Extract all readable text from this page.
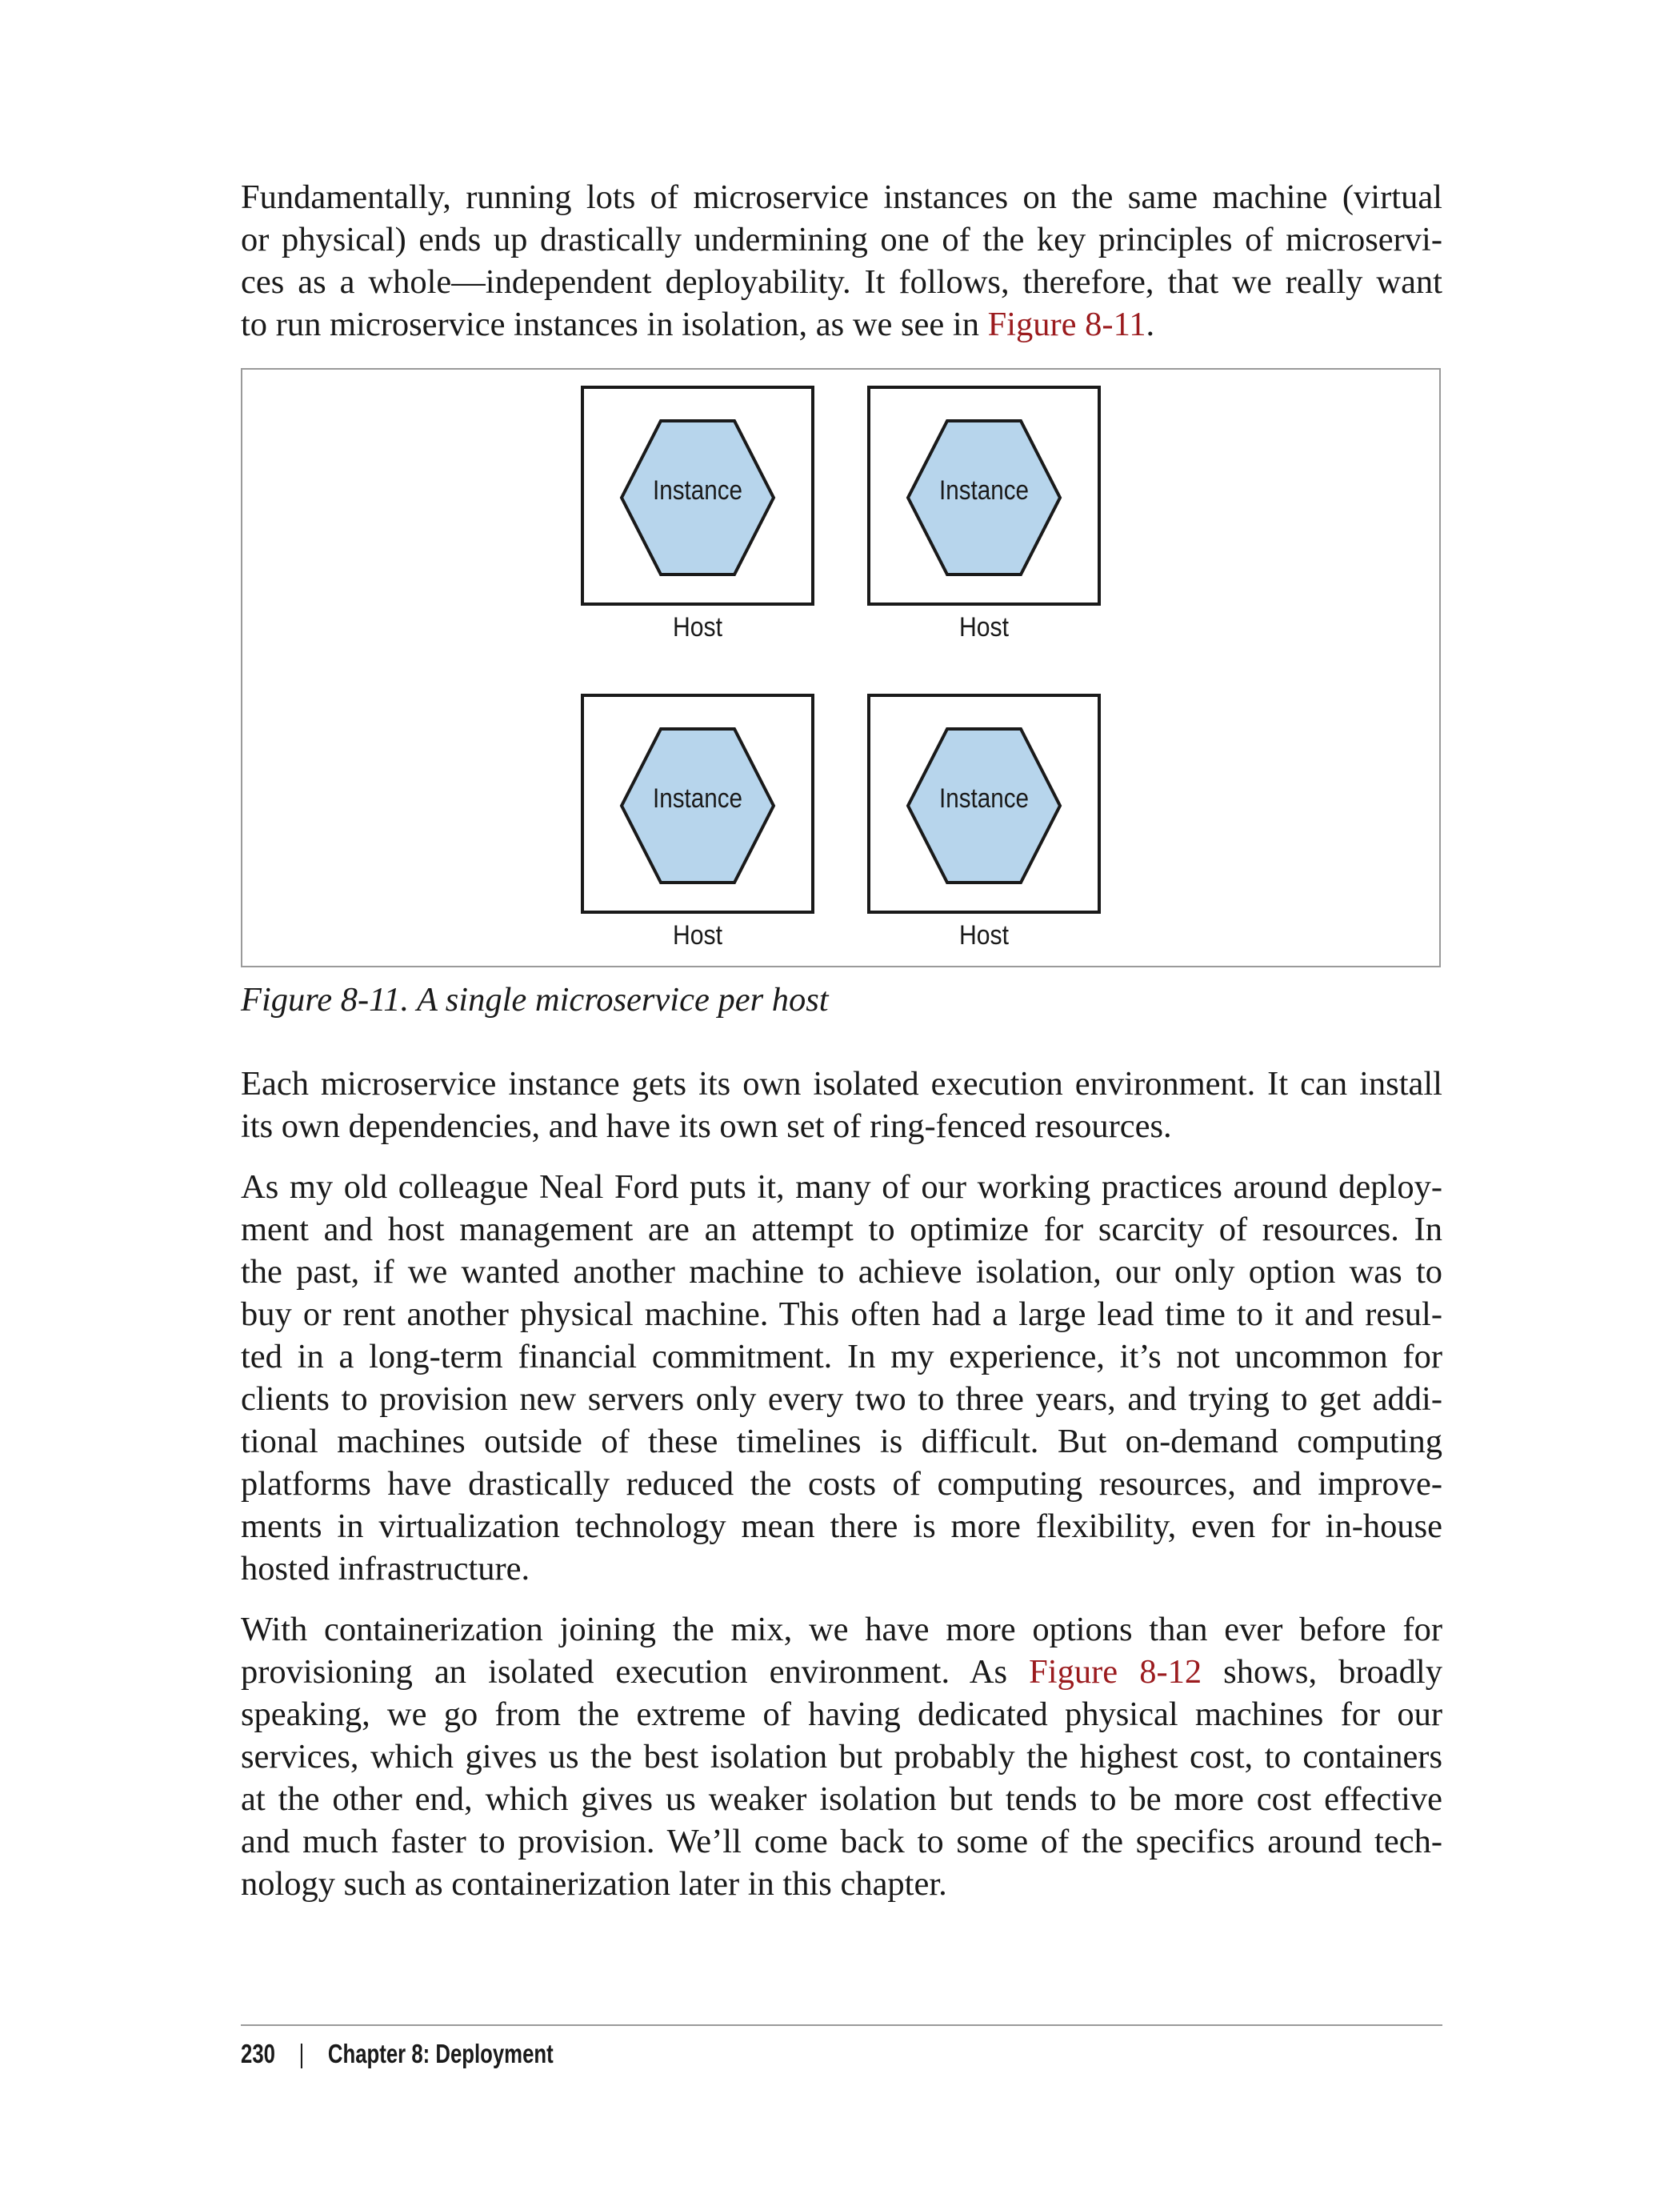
Fundamentally, running lots of microservice instances on the same machine (virtual
or physical) ends up drastically undermining one of the key principles of microservi-
ces as a whole—independent deployability. It follows, therefore, that we really want
to run microservice instances in isolation, as we see in Figure 8-11.

Instance
Host
Instance
Host
Instance
Host
Instance
Host

Figure 8-11. A single microservice per host

Each microservice instance gets its own isolated execution environment. It can install
its own dependencies, and have its own set of ring-fenced resources.

As my old colleague Neal Ford puts it, many of our working practices around deploy-
ment and host management are an attempt to optimize for scarcity of resources. In
the past, if we wanted another machine to achieve isolation, our only option was to
buy or rent another physical machine. This often had a large lead time to it and resul-
ted in a long-term financial commitment. In my experience, it’s not uncommon for
clients to provision new servers only every two to three years, and trying to get addi-
tional machines outside of these timelines is difficult. But on-demand computing
platforms have drastically reduced the costs of computing resources, and improve-
ments in virtualization technology mean there is more flexibility, even for in-house
hosted infrastructure.

With containerization joining the mix, we have more options than ever before for
provisioning an isolated execution environment. As Figure 8-12 shows, broadly
speaking, we go from the extreme of having dedicated physical machines for our
services, which gives us the best isolation but probably the highest cost, to containers
at the other end, which gives us weaker isolation but tends to be more cost effective
and much faster to provision. We’ll come back to some of the specifics around tech-
nology such as containerization later in this chapter.

230 | Chapter 8: Deployment
